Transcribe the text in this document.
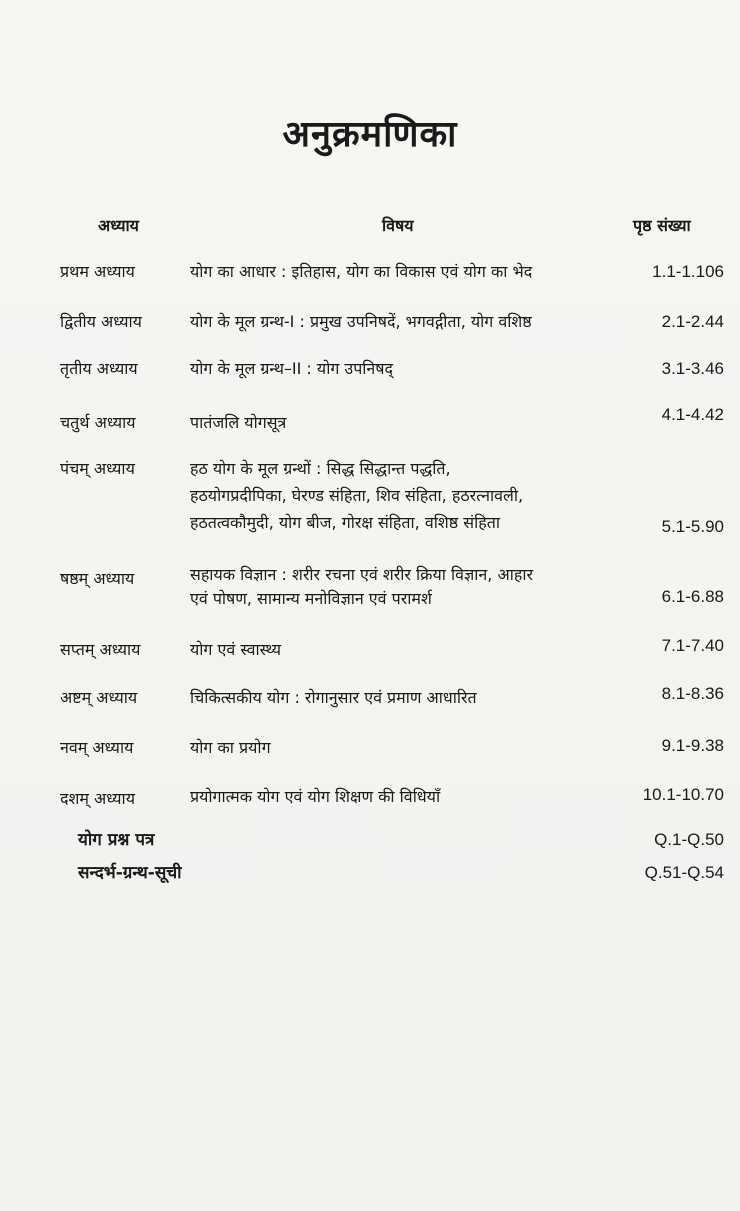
अनुक्रमणिका
अध्याय	विषय	पृष्ठ संख्या
प्रथम अध्याय	योग का आधार : इतिहास, योग का विकास एवं योग का भेद	1.1-1.106
द्वितीय अध्याय	योग के मूल ग्रन्थ-I : प्रमुख उपनिषदें, भगवद्गीता, योग वशिष्ठ	2.1-2.44
तृतीय अध्याय	योग के मूल ग्रन्थ–II : योग उपनिषद्	3.1-3.46
चतुर्थ अध्याय	पातंजलि योगसूत्र	4.1-4.42
पंचम् अध्याय	हठ योग के मूल ग्रन्थों : सिद्ध सिद्धान्त पद्धति,
हठयोगप्रदीपिका, घेरण्ड संहिता, शिव संहिता, हठरत्नावली,
हठतत्वकौमुदी, योग बीज, गोरक्ष संहिता, वशिष्ठ संहिता	5.1-5.90
षष्ठम् अध्याय	सहायक विज्ञान : शरीर रचना एवं शरीर क्रिया विज्ञान, आहार
एवं पोषण, सामान्य मनोविज्ञान एवं परामर्श	6.1-6.88
सप्तम् अध्याय	योग एवं स्वास्थ्य	7.1-7.40
अष्टम् अध्याय	चिकित्सकीय योग : रोगानुसार एवं प्रमाण आधारित	8.1-8.36
नवम् अध्याय	योग का प्रयोग	9.1-9.38
दशम् अध्याय	प्रयोगात्मक योग एवं योग शिक्षण की विधियाँ	10.1-10.70
योग प्रश्न पत्र	Q.1-Q.50
सन्दर्भ-ग्रन्थ-सूची	Q.51-Q.54
